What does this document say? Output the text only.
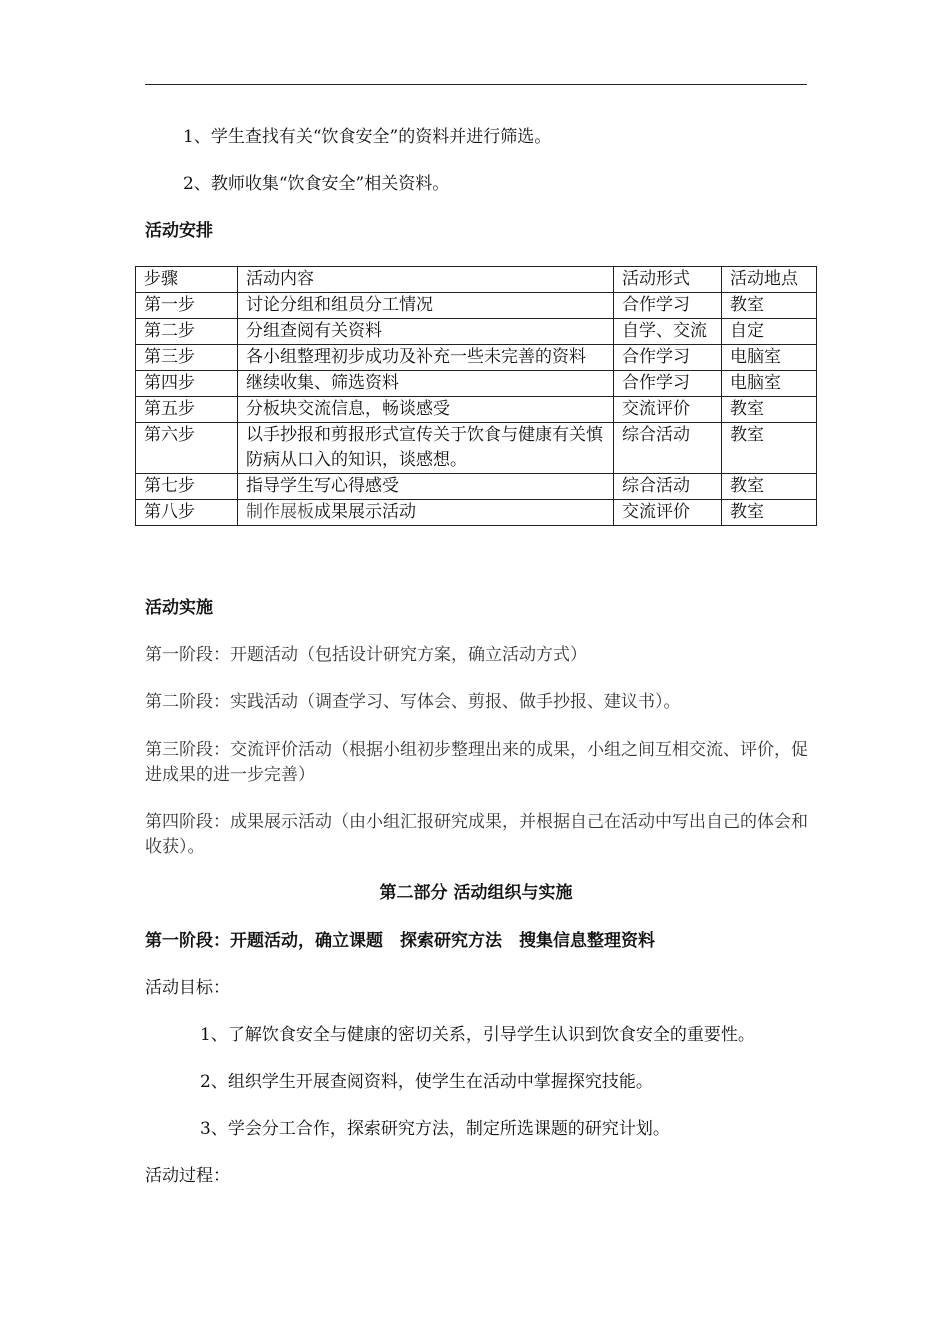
1、学生查找有关“饮食安全”的资料并进行筛选。
2、教师收集“饮食安全”相关资料。
活动安排
步骤	活动内容	活动形式	活动地点
第一步	讨论分组和组员分工情况	合作学习	教室
第二步	分组查阅有关资料	自学、交流	自定
第三步	各小组整理初步成功及补充一些未完善的资料	合作学习	电脑室
第四步	继续收集、筛选资料	合作学习	电脑室
第五步	分板块交流信息，畅谈感受	交流评价	教室
第六步	以手抄报和剪报形式宣传关于饮食与健康有关慎防病从口入的知识，谈感想。	综合活动	教室
第七步	指导学生写心得感受	综合活动	教室
第八步	制作展板成果展示活动	交流评价	教室
活动实施
第一阶段：开题活动（包括设计研究方案，确立活动方式）
第二阶段：实践活动（调查学习、写体会、剪报、做手抄报、建议书）。
第三阶段：交流评价活动（根据小组初步整理出来的成果，小组之间互相交流、评价，促进成果的进一步完善）
第四阶段：成果展示活动（由小组汇报研究成果，并根据自己在活动中写出自己的体会和收获）。
第二部分 活动组织与实施
第一阶段：开题活动，确立课题　探索研究方法　搜集信息整理资料
活动目标：
1、了解饮食安全与健康的密切关系，引导学生认识到饮食安全的重要性。
2、组织学生开展查阅资料，使学生在活动中掌握探究技能。
3、学会分工合作，探索研究方法，制定所选课题的研究计划。
活动过程：
